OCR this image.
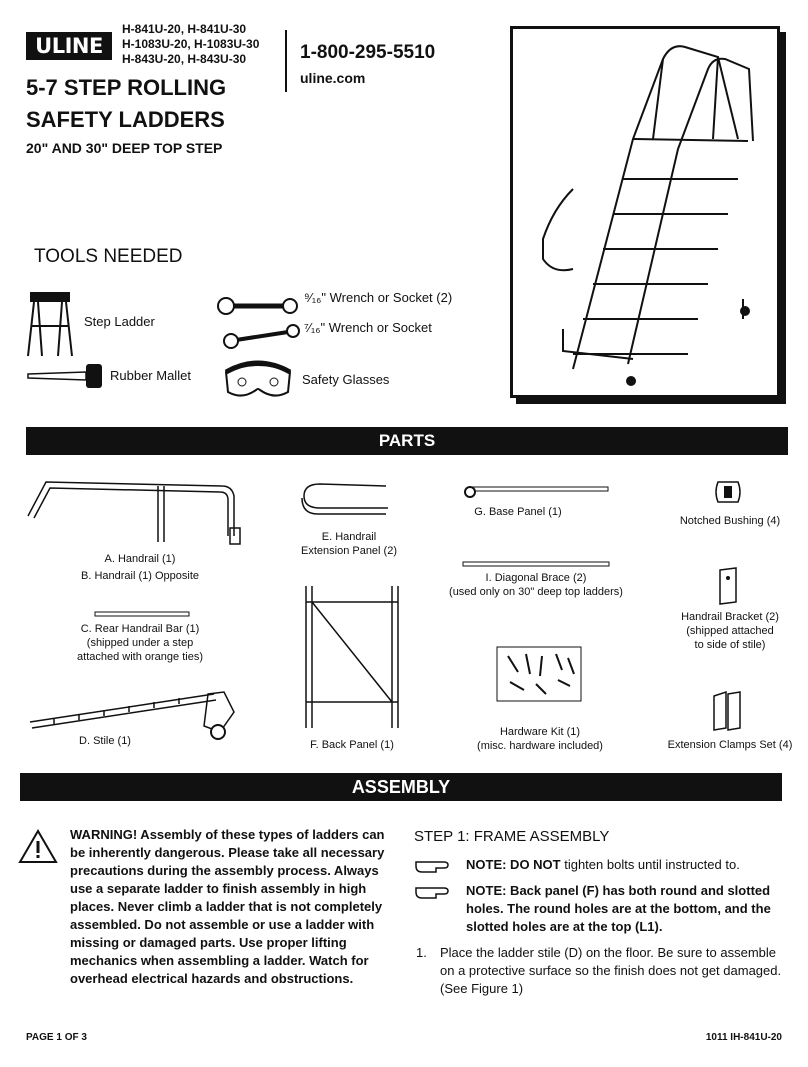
ULINE
H-841U-20, H-841U-30
H-1083U-20, H-1083U-30
H-843U-20, H-843U-30	1-800-295-5510
uline.com
5-7 STEP ROLLING
SAFETY LADDERS
20" AND 30" DEEP TOP STEP
TOOLS NEEDED
Step Ladder
Rubber Mallet
⁹⁄₁₆" Wrench or Socket (2)
⁷⁄₁₆" Wrench or Socket
Safety Glasses
PARTS
A. Handrail (1)
B. Handrail (1) Opposite
C. Rear Handrail Bar (1)
(shipped under a step
attached with orange ties)
D. Stile (1)
E. Handrail
Extension Panel (2)
F. Back Panel (1)
G. Base Panel (1)
I. Diagonal Brace (2)
(used only on 30" deep top ladders)
Hardware Kit (1)
(misc. hardware included)
Notched Bushing (4)
Handrail Bracket (2)
(shipped attached
to side of stile)
Extension Clamps Set (4)
ASSEMBLY
WARNING! Assembly of these types of ladders can be inherently dangerous. Please take all necessary precautions during the assembly process. Always use a separate ladder to finish assembly in high places. Never climb a ladder that is not completely assembled. Do not assemble or use a ladder with missing or damaged parts. Use proper lifting mechanics when assembling a ladder. Watch for overhead electrical hazards and obstructions.
STEP 1: FRAME ASSEMBLY
NOTE: DO NOT tighten bolts until instructed to.
NOTE: Back panel (F) has both round and slotted holes. The round holes are at the bottom, and the slotted holes are at the top (L1).
1. Place the ladder stile (D) on the floor. Be sure to assemble on a protective surface so the finish does not get damaged. (See Figure 1)
PAGE 1 OF 3	1011 IH-841U-20
